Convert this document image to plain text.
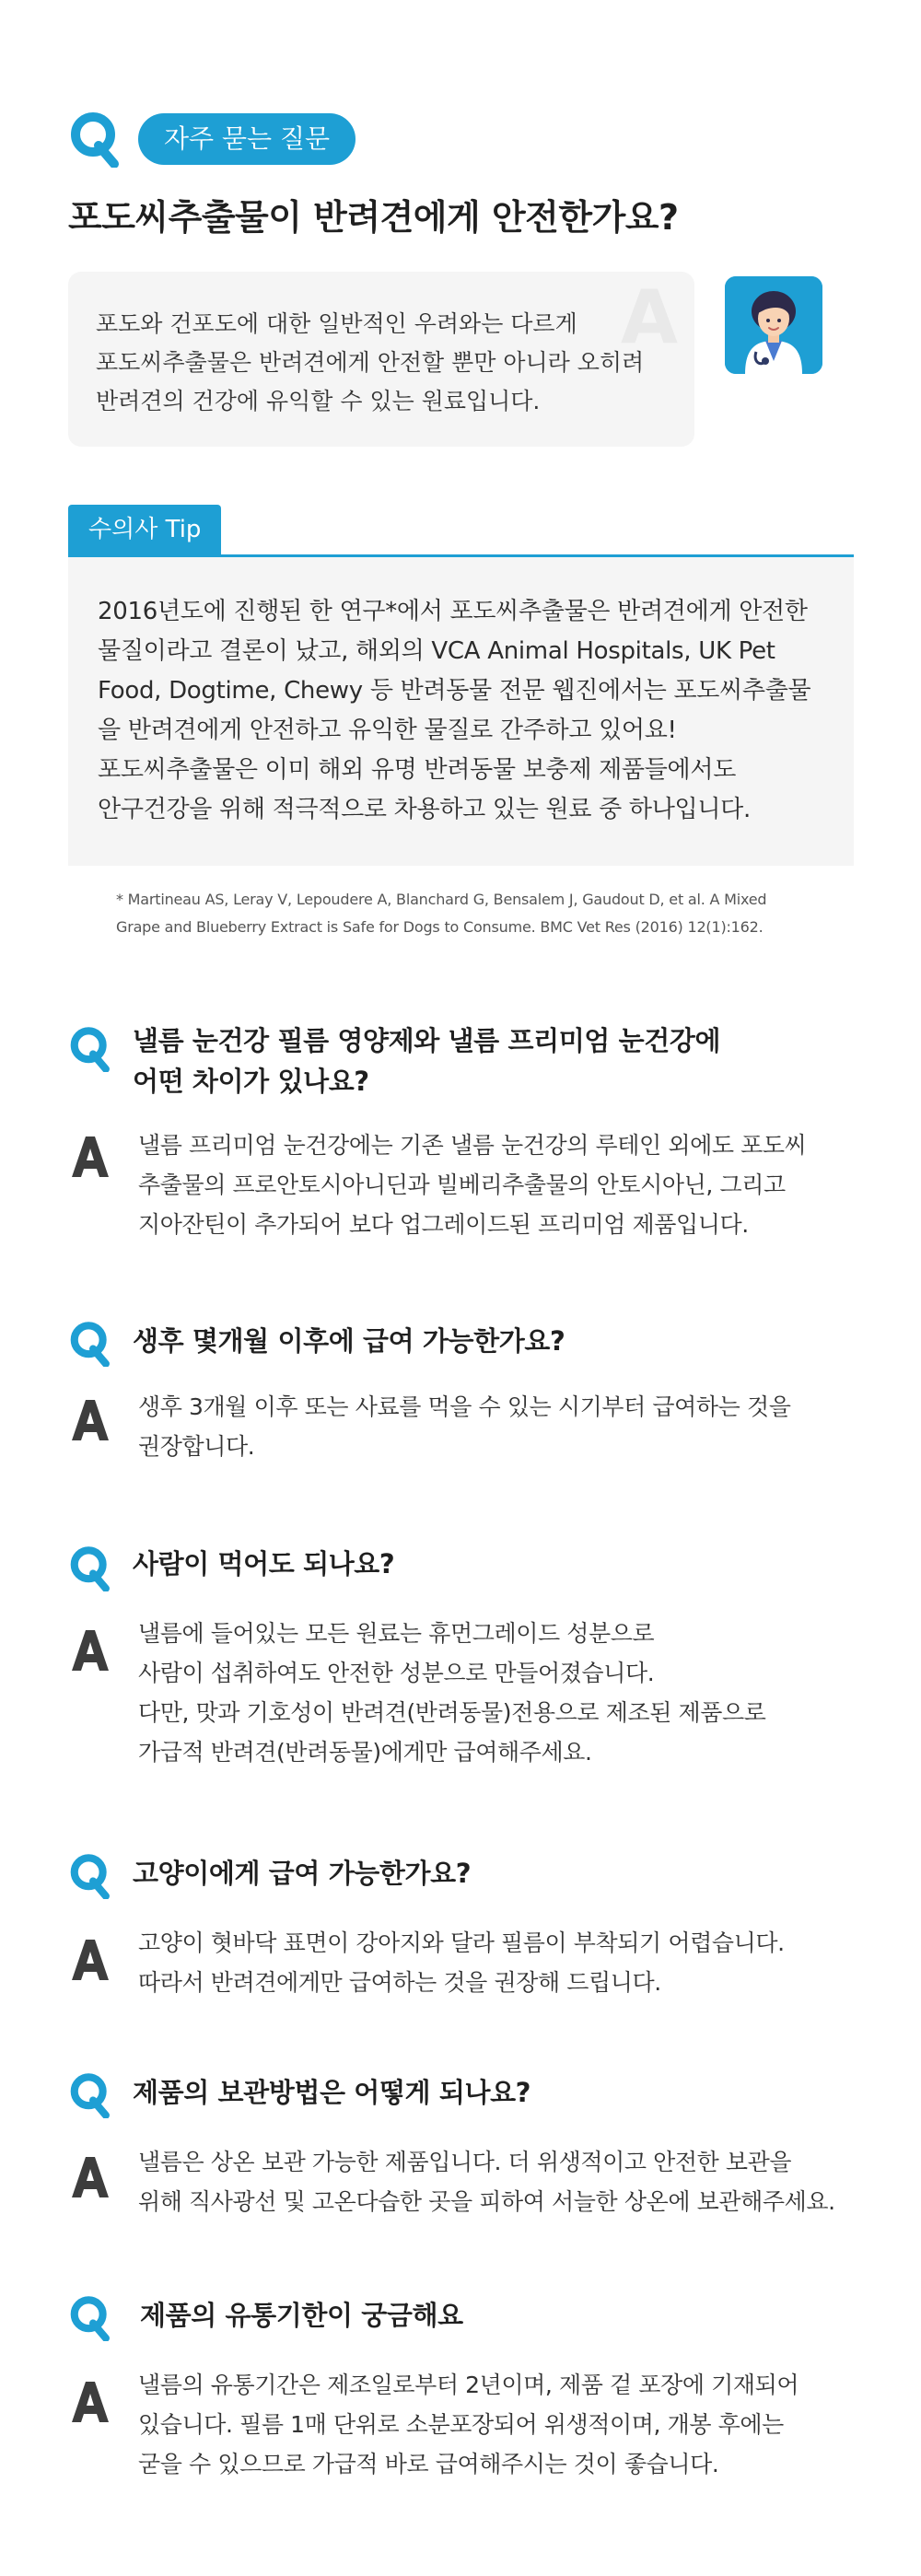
자주 묻는 질문
포도씨추출물이 반려견에게 안전한가요?
A
포도와 건포도에 대한 일반적인 우려와는 다르게
포도씨추출물은 반려견에게 안전할 뿐만 아니라 오히려
반려견의 건강에 유익할 수 있는 원료입니다.
수의사 Tip
2016년도에 진행된 한 연구*에서 포도씨추출물은 반려견에게 안전한
물질이라고 결론이 났고, 해외의 VCA Animal Hospitals, UK Pet
Food, Dogtime, Chewy 등 반려동물 전문 웹진에서는 포도씨추출물
을 반려견에게 안전하고 유익한 물질로 간주하고 있어요!
포도씨추출물은 이미 해외 유명 반려동물 보충제 제품들에서도
안구건강을 위해 적극적으로 차용하고 있는 원료 중 하나입니다.
* Martineau AS, Leray V, Lepoudere A, Blanchard G, Bensalem J, Gaudout D, et al. A Mixed
Grape and Blueberry Extract is Safe for Dogs to Consume. BMC Vet Res (2016) 12(1):162.
낼름 눈건강 필름 영양제와 낼름 프리미엄 눈건강에
어떤 차이가 있나요?
낼름 프리미엄 눈건강에는 기존 낼름 눈건강의 루테인 외에도 포도씨
추출물의 프로안토시아니딘과 빌베리추출물의 안토시아닌, 그리고
지아잔틴이 추가되어 보다 업그레이드된 프리미엄 제품입니다.
생후 몇개월 이후에 급여 가능한가요?
생후 3개월 이후 또는 사료를 먹을 수 있는 시기부터 급여하는 것을
권장합니다.
사람이 먹어도 되나요?
낼름에 들어있는 모든 원료는 휴먼그레이드 성분으로
사람이 섭취하여도 안전한 성분으로 만들어졌습니다.
다만, 맛과 기호성이 반려견(반려동물)전용으로 제조된 제품으로
가급적 반려견(반려동물)에게만 급여해주세요.
고양이에게 급여 가능한가요?
고양이 혓바닥 표면이 강아지와 달라 필름이 부착되기 어렵습니다.
따라서 반려견에게만 급여하는 것을 권장해 드립니다.
제품의 보관방법은 어떻게 되나요?
낼름은 상온 보관 가능한 제품입니다. 더 위생적이고 안전한 보관을
위해 직사광선 및 고온다습한 곳을 피하여 서늘한 상온에 보관해주세요.
제품의 유통기한이 궁금해요
낼름의 유통기간은 제조일로부터 2년이며, 제품 겉 포장에 기재되어
있습니다. 필름 1매 단위로 소분포장되어 위생적이며, 개봉 후에는
굳을 수 있으므로 가급적 바로 급여해주시는 것이 좋습니다.
